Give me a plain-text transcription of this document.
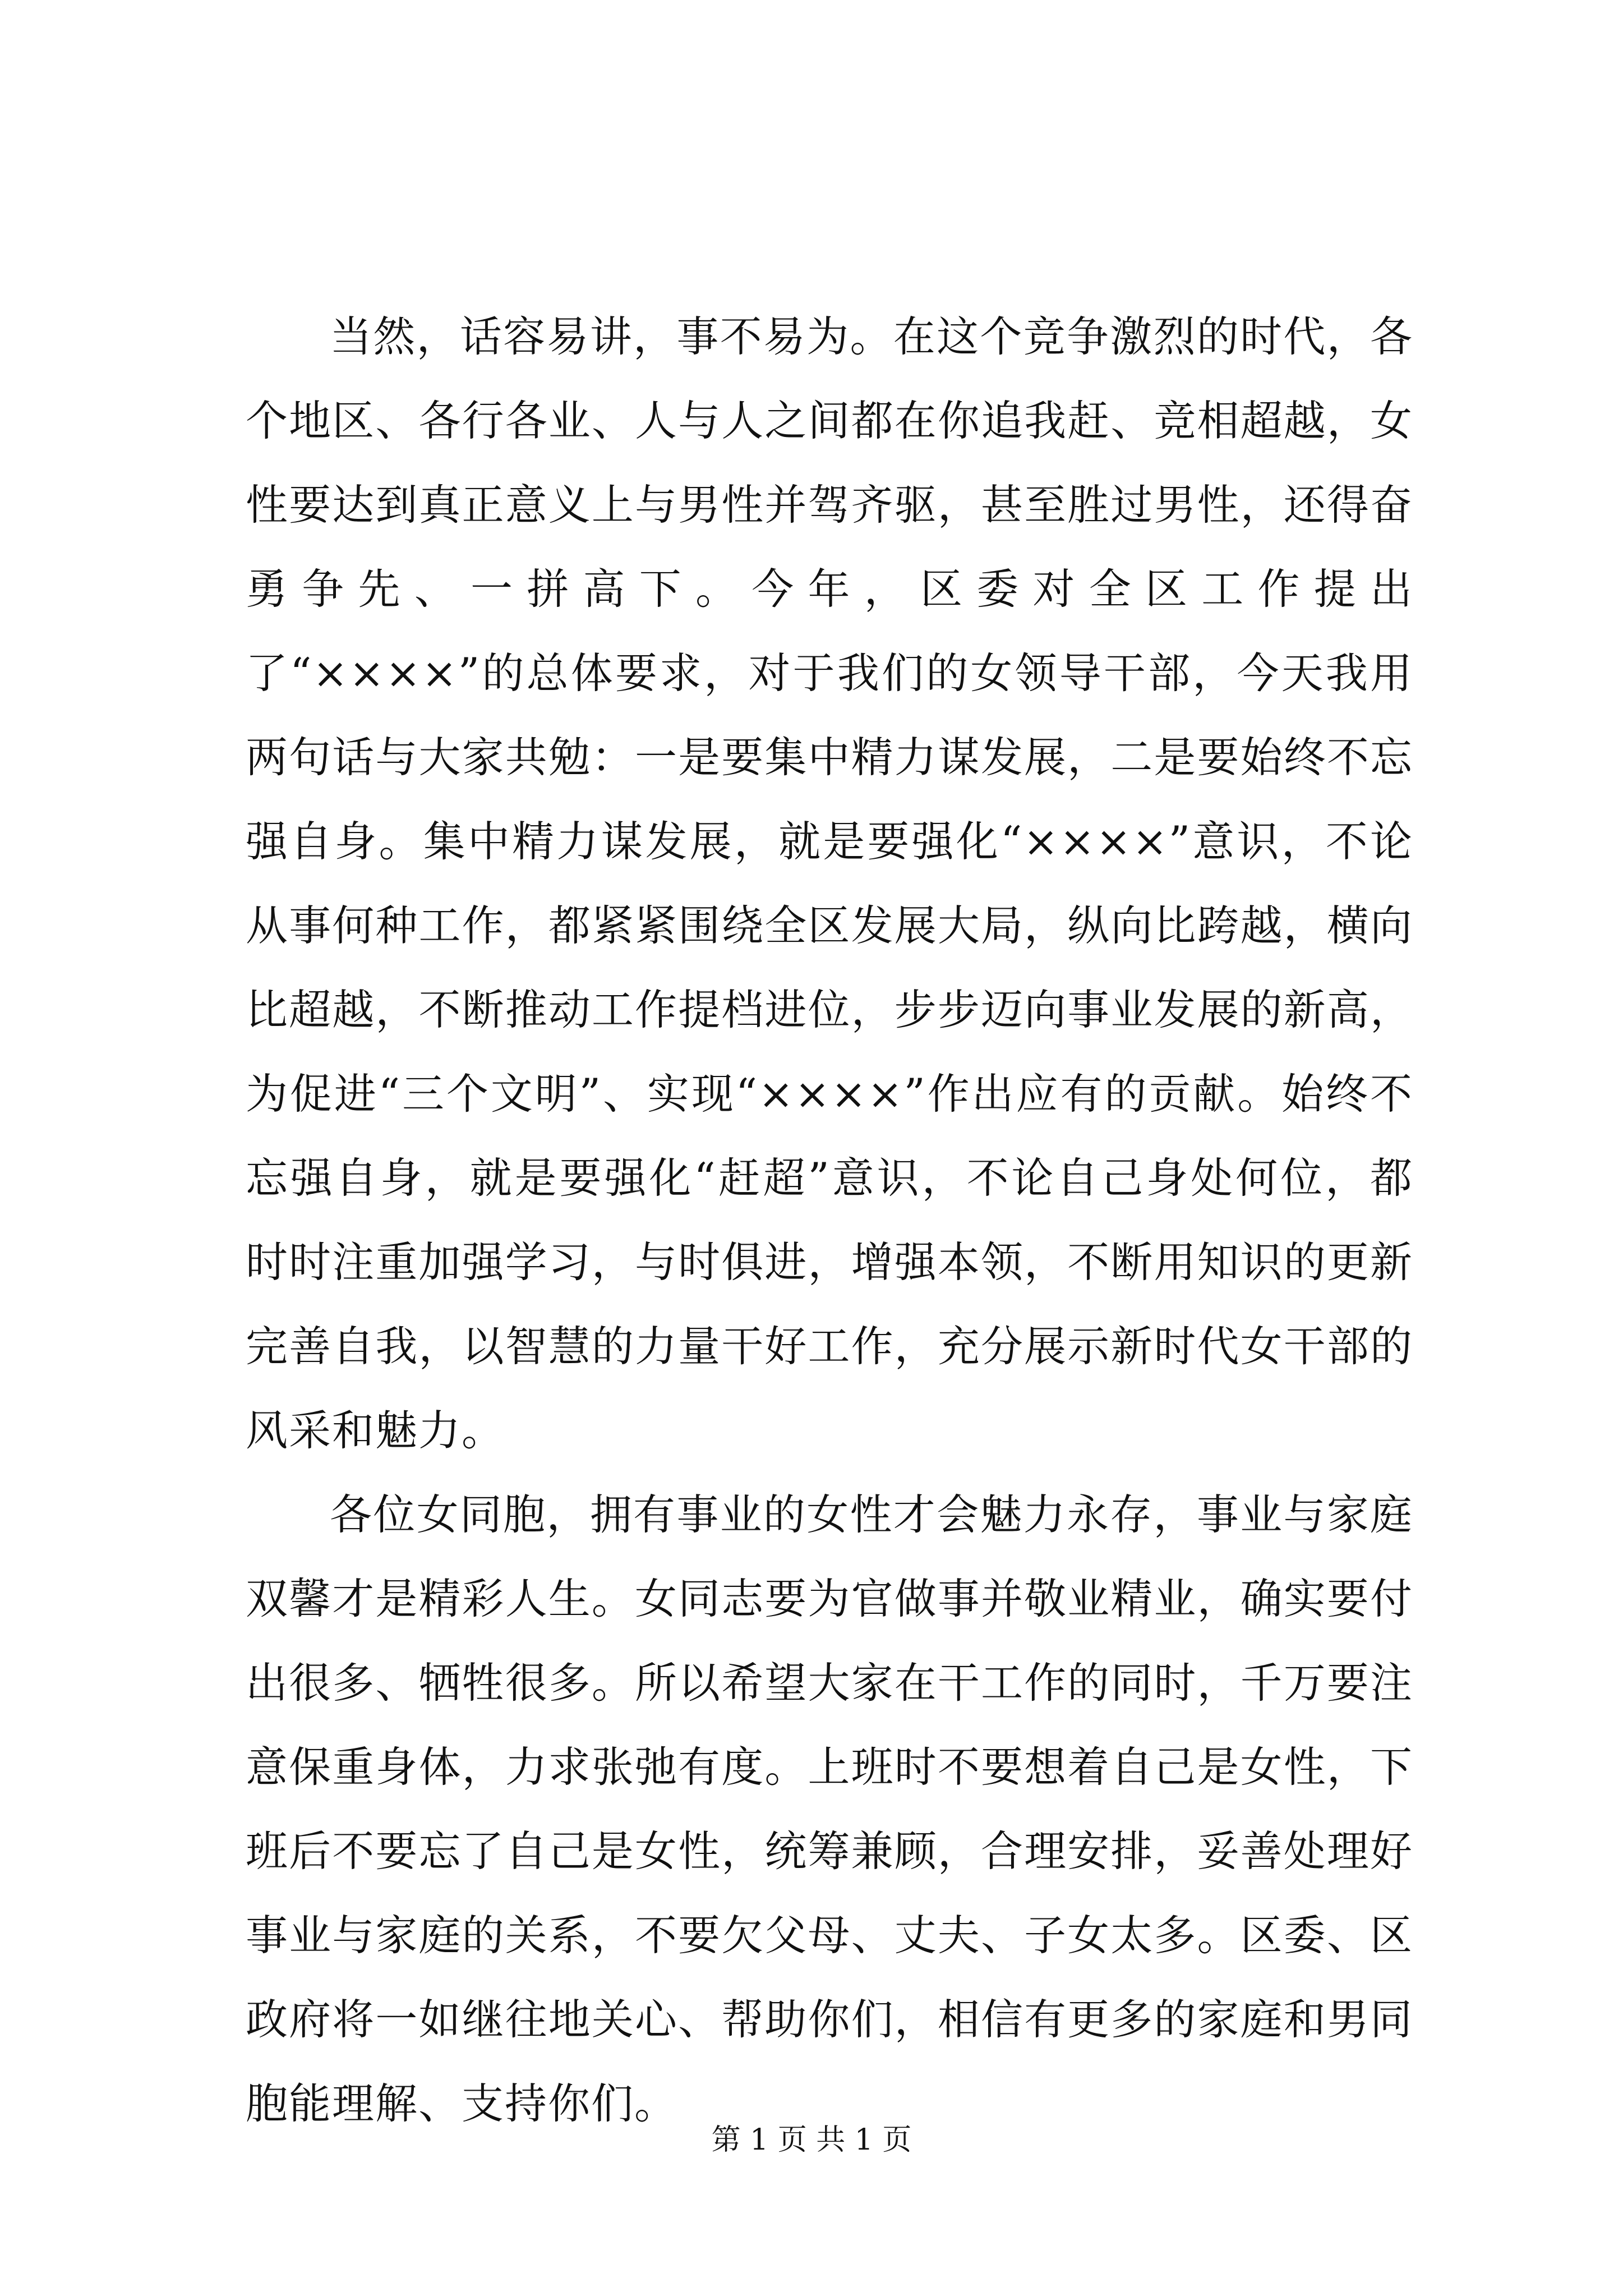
当然，话容易讲，事不易为。在这个竞争激烈的时代，各个地区、各行各业、人与人之间都在你追我赶、竞相超越，女性要达到真正意义上与男性并驾齐驱，甚至胜过男性，还得奋勇争先、一拼高下。今年，区委对全区工作提出了“××××”的总体要求，对于我们的女领导干部，今天我用两句话与大家共勉：一是要集中精力谋发展，二是要始终不忘强自身。集中精力谋发展，就是要强化“××××”意识，不论从事何种工作，都紧紧围绕全区发展大局，纵向比跨越，横向比超越，不断推动工作提档进位，步步迈向事业发展的新高，为促进“三个文明”、实现“××××”作出应有的贡献。始终不忘强自身，就是要强化“赶超”意识，不论自己身处何位，都时时注重加强学习，与时俱进，增强本领，不断用知识的更新完善自我，以智慧的力量干好工作，充分展示新时代女干部的风采和魅力。

各位女同胞，拥有事业的女性才会魅力永存，事业与家庭双馨才是精彩人生。女同志要为官做事并敬业精业，确实要付出很多、牺牲很多。所以希望大家在干工作的同时，千万要注意保重身体，力求张弛有度。上班时不要想着自己是女性，下班后不要忘了自己是女性，统筹兼顾，合理安排，妥善处理好事业与家庭的关系，不要欠父母、丈夫、子女太多。区委、区政府将一如继往地关心、帮助你们，相信有更多的家庭和男同胞能理解、支持你们。

第 1 页 共 1 页
